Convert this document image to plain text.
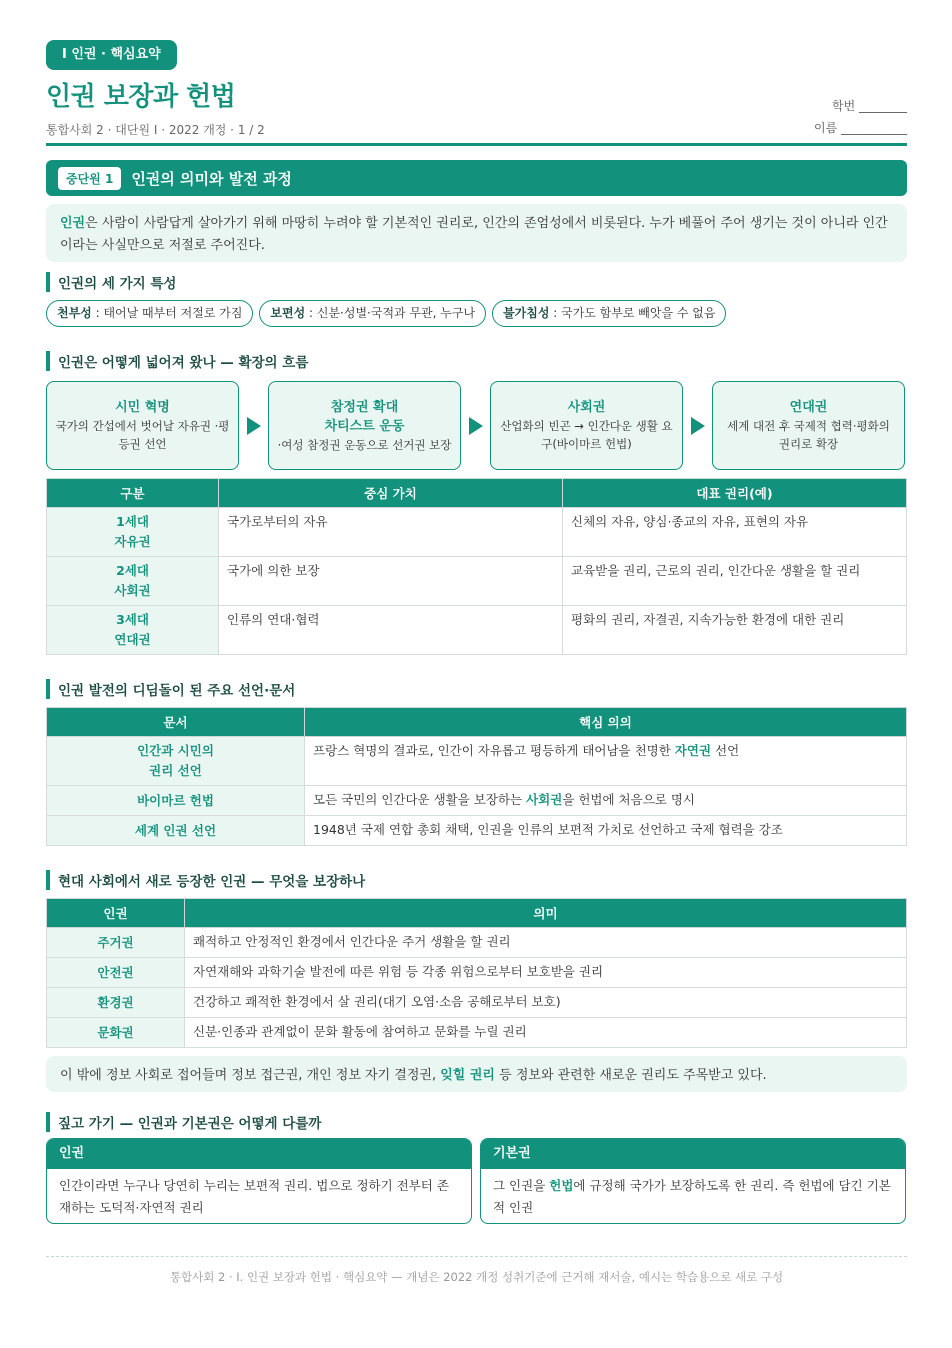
Ⅰ 인권 · 핵심요약
인권 보장과 헌법
통합사회 2 · 대단원 Ⅰ · 2022 개정 · 1 / 2
학번 ________
이름 ___________
중단원 1	인권의 의미와 발전 과정
인권은 사람이 사람답게 살아가기 위해 마땅히 누려야 할 기본적인 권리로, 인간의 존엄성에서 비롯된다. 누가 베풀어 주어 생기는 것이 아니라 인간이라는 사실만으로 저절로 주어진다.
인권의 세 가지 특성
천부성 : 태어날 때부터 저절로 가짐	보편성 : 신분·성별·국적과 무관, 누구나	불가침성 : 국가도 함부로 빼앗을 수 없음
인권은 어떻게 넓어져 왔나 — 확장의 흐름
시민 혁명
국가의 간섭에서 벗어날 자유권 ·평등권 선언
참정권 확대
차티스트 운동
·여성 참정권 운동으로 선거권 보장
사회권
산업화의 빈곤 → 인간다운 생활 요구(바이마르 헌법)
연대권
세계 대전 후 국제적 협력·평화의 권리로 확장
구분	중심 가치	대표 권리(예)
1세대
자유권	국가로부터의 자유	신체의 자유, 양심·종교의 자유, 표현의 자유
2세대
사회권	국가에 의한 보장	교육받을 권리, 근로의 권리, 인간다운 생활을 할 권리
3세대
연대권	인류의 연대·협력	평화의 권리, 자결권, 지속가능한 환경에 대한 권리
인권 발전의 디딤돌이 된 주요 선언·문서
문서	핵심 의의
인간과 시민의
권리 선언	프랑스 혁명의 결과로, 인간이 자유롭고 평등하게 태어남을 천명한 자연권 선언
바이마르 헌법	모든 국민의 인간다운 생활을 보장하는 사회권을 헌법에 처음으로 명시
세계 인권 선언	1948년 국제 연합 총회 채택, 인권을 인류의 보편적 가치로 선언하고 국제 협력을 강조
현대 사회에서 새로 등장한 인권 — 무엇을 보장하나
인권	의미
주거권	쾌적하고 안정적인 환경에서 인간다운 주거 생활을 할 권리
안전권	자연재해와 과학기술 발전에 따른 위험 등 각종 위험으로부터 보호받을 권리
환경권	건강하고 쾌적한 환경에서 살 권리(대기 오염·소음 공해로부터 보호)
문화권	신분·인종과 관계없이 문화 활동에 참여하고 문화를 누릴 권리
이 밖에 정보 사회로 접어들며 정보 접근권, 개인 정보 자기 결정권, 잊힐 권리 등 정보와 관련한 새로운 권리도 주목받고 있다.
짚고 가기 — 인권과 기본권은 어떻게 다를까
인권
인간이라면 누구나 당연히 누리는 보편적 권리. 법으로 정하기 전부터 존재하는 도덕적·자연적 권리
기본권
그 인권을 헌법에 규정해 국가가 보장하도록 한 권리. 즉 헌법에 담긴 기본적 인권
통합사회 2 · Ⅰ. 인권 보장과 헌법 · 핵심요약 — 개념은 2022 개정 성취기준에 근거해 재서술, 예시는 학습용으로 새로 구성
